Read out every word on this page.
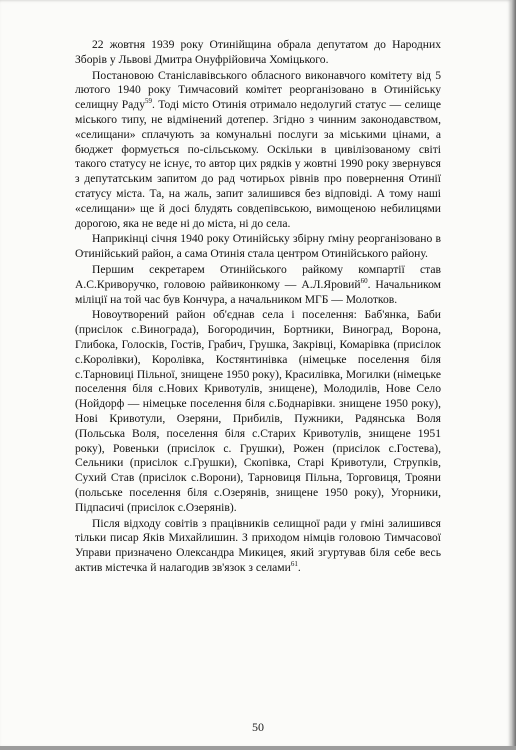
22 жовтня 1939 року Отинійщина обрала депутатом до Народних Зборів у Львові Дмитра Онуфрійовича Хоміцького.

Постановою Станіславівського обласного виконавчого комітету від 5 лютого 1940 року Тимчасовий комітет реорганізовано в Отинійську селищну Раду$^{59}$. Тоді місто Отинія отримало недолугий статус — селище міського типу, не відмінений дотепер. Згідно з чинним законодавством, «селищани» сплачують за комунальні послуги за міськими цінами, а бюджет формується по-сільському. Оскільки в цивілізованому світі такого статусу не існує, то автор цих рядків у жовтні 1990 року звернувся з депутатським запитом до рад чотирьох рівнів про повернення Отинії статусу міста. Та, на жаль, запит залишився без відповіді. А тому наші «селищани» ще й досі блудять совдепівською, вимощеною небилицями дорогою, яка не веде ні до міста, ні до села.

Наприкінці січня 1940 року Отинійську збірну ґміну реорганізовано в Отинійський район, а сама Отинія стала центром Отинійського району.

Першим секретарем Отинійського райкому компартії став А.С.Криворучко, головою райвиконкому — А.Л.Яровий$^{60}$. Начальником міліції на той час був Кончура, а начальником МГБ — Молотков.

Новоутворений район об'єднав села і поселення: Баб'янка, Баби (присілок с.Винограда), Богородичин, Бортники, Виноград, Ворона, Глибока, Голосків, Гостів, Грабич, Грушка, Закрівці, Комарівка (присілок с.Королівки), Королівка, Костянтинівка (німецьке поселення біля с.Тарновиці Пільної, знищене 1950 року), Красилівка, Могилки (німецьке поселення біля с.Нових Кривотулів, знищене), Молодилів, Нове Село (Нойдорф — німецьке поселення біля с.Боднарівки. знищене 1950 року), Нові Кривотули, Озеряни, Прибилів, Пужники, Радянська Воля (Польська Воля, поселення біля с.Старих Кривотулів, знищене 1951 року), Ровеньки (присілок с. Грушки), Рожен (присілок с.Гостева), Сельники (присілок с.Грушки), Скопівка, Старі Кривотули, Струпків, Сухий Став (присілок с.Ворони), Тарновиця Пільна, Торговиця, Трояни (польське поселення біля с.Озерянів, знищене 1950 року), Угорники, Підпасичі (присілок с.Озерянів).

Після відходу совітів з працівників селищної ради у ґміні залишився тільки писар Яків Михайлишин. З приходом німців головою Тимчасової Управи призначено Олександра Микицея, який згуртував біля себе весь актив містечка й налагодив зв'язок з селами$^{61}$.

50
